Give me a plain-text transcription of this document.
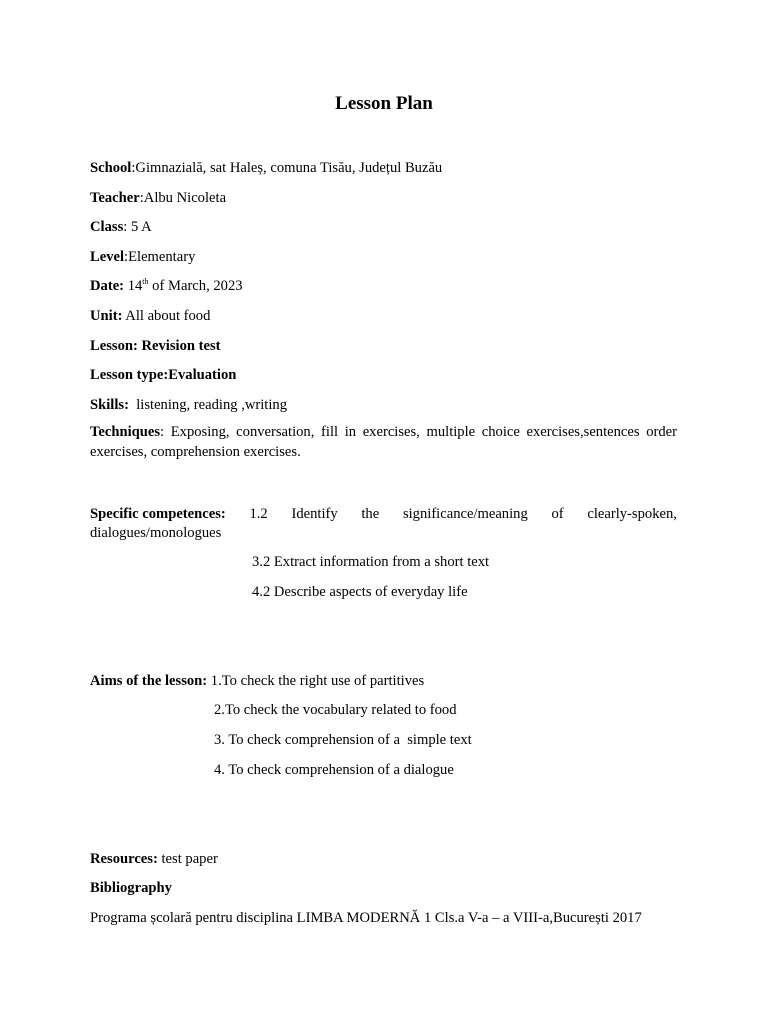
Lesson Plan
School:Gimnazială, sat Haleș, comuna Tisău, Județul Buzău
Teacher:Albu Nicoleta
Class: 5 A
Level:Elementary
Date: 14th of March, 2023
Unit: All about food
Lesson: Revision test
Lesson type:Evaluation
Skills:  listening, reading ,writing
Techniques: Exposing, conversation, fill in exercises, multiple choice exercises,sentences order
exercises, comprehension exercises.
Specific competences: 1.2 Identify the significance/meaning of clearly-spoken,
dialogues/monologues
3.2 Extract information from a short text
4.2 Describe aspects of everyday life
Aims of the lesson: 1.To check the right use of partitives
2.To check the vocabulary related to food
3. To check comprehension of a  simple text
4. To check comprehension of a dialogue
Resources: test paper
Bibliography
Programa școlară pentru disciplina LIMBA MODERNĂ 1 Cls.a V-a – a VIII-a,București 2017
